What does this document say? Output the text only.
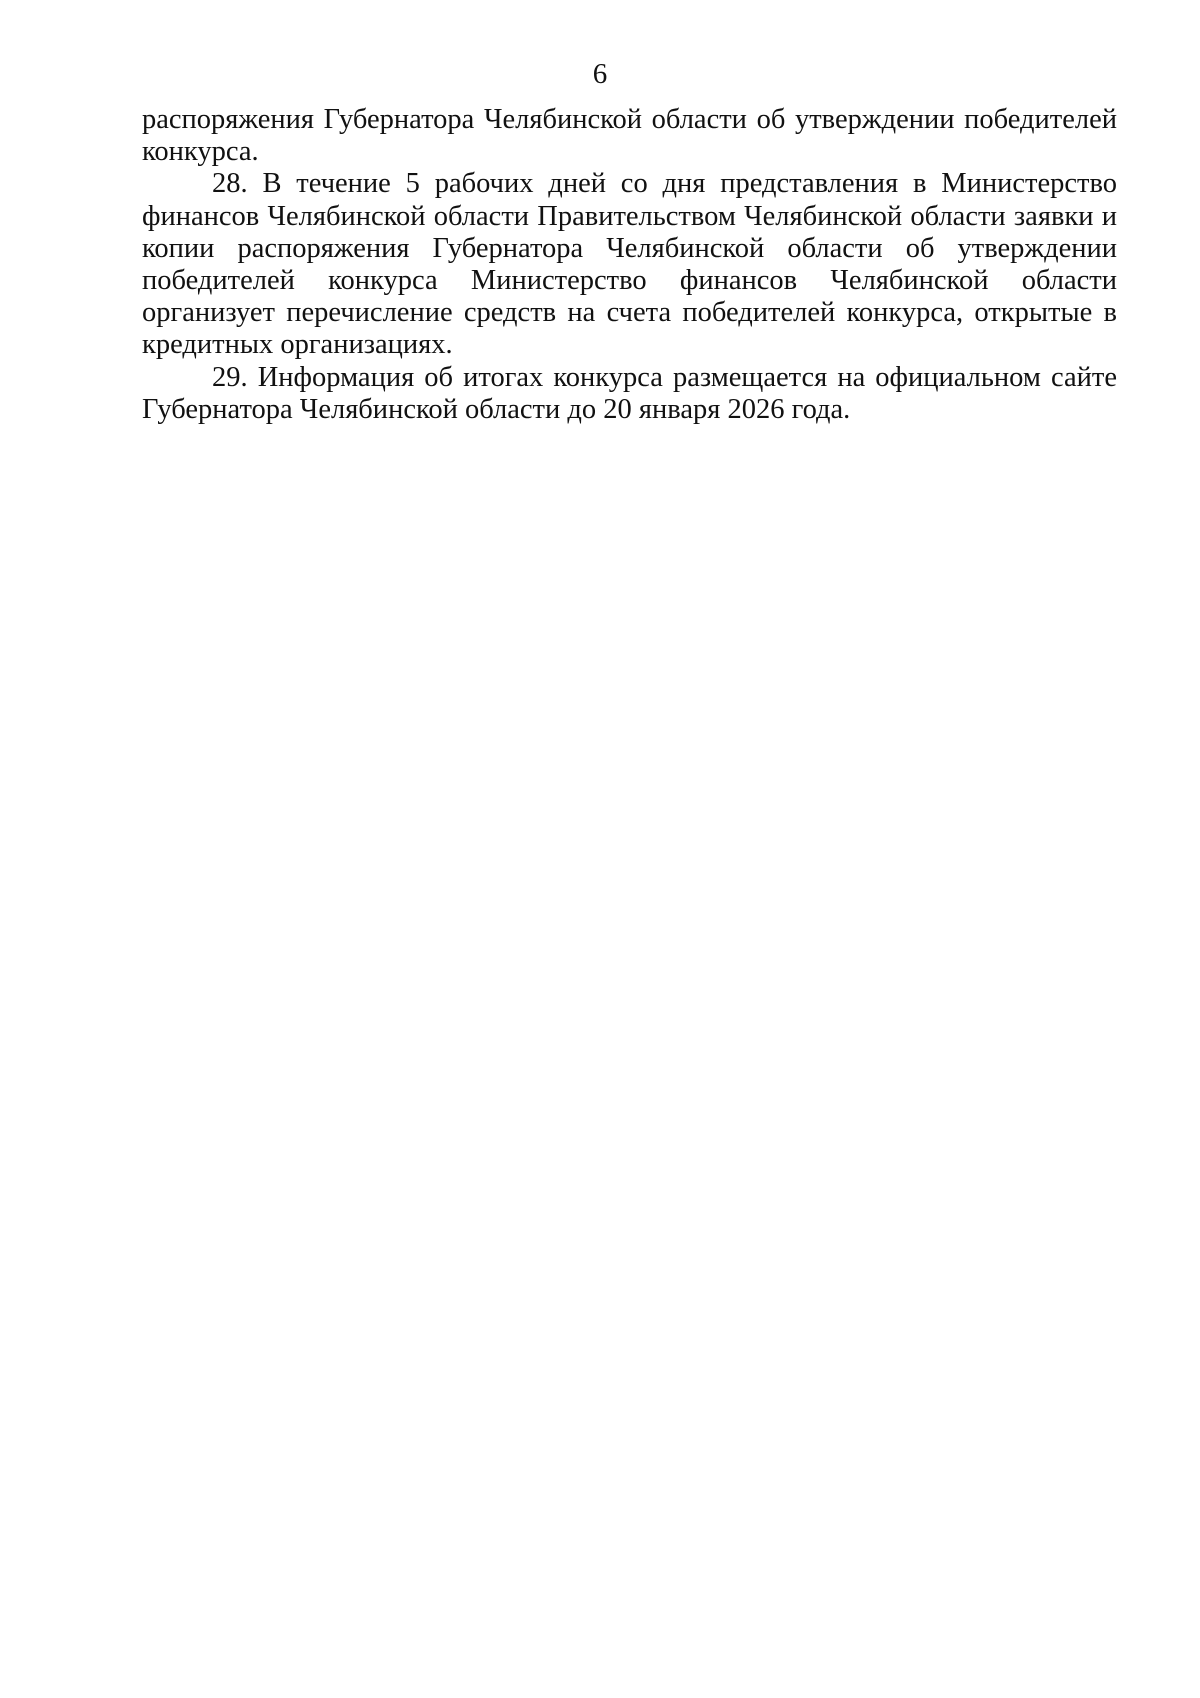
6

распоряжения Губернатора Челябинской области об утверждении победителей конкурса.

28. В течение 5 рабочих дней со дня представления в Министерство финансов Челябинской области Правительством Челябинской области заявки и копии распоряжения Губернатора Челябинской области об утверждении победителей конкурса Министерство финансов Челябинской области организует перечисление средств на счета победителей конкурса, открытые в кредитных организациях.

29. Информация об итогах конкурса размещается на официальном сайте Губернатора Челябинской области до 20 января 2026 года.
